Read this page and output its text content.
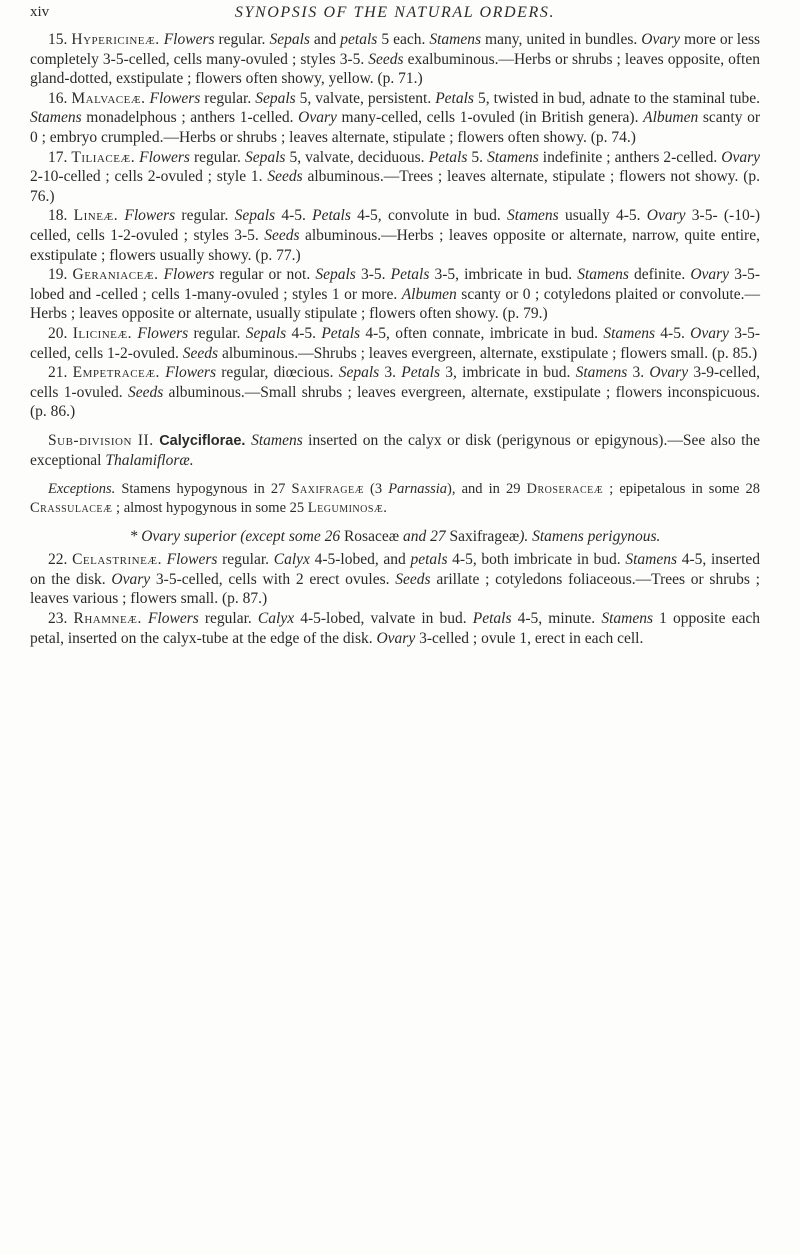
xiv	SYNOPSIS OF THE NATURAL ORDERS.

15. Hypericineæ. Flowers regular. Sepals and petals 5 each. Stamens many, united in bundles. Ovary more or less completely 3-5-celled, cells many-ovuled ; styles 3-5. Seeds exalbuminous.—Herbs or shrubs ; leaves opposite, often gland-dotted, exstipulate ; flowers often showy, yellow. (p. 71.)

16. Malvaceæ. Flowers regular. Sepals 5, valvate, persistent. Petals 5, twisted in bud, adnate to the staminal tube. Stamens monadelphous ; anthers 1-celled. Ovary many-celled, cells 1-ovuled (in British genera). Albumen scanty or 0 ; embryo crumpled.—Herbs or shrubs ; leaves alternate, stipulate ; flowers often showy. (p. 74.)

17. Tiliaceæ. Flowers regular. Sepals 5, valvate, deciduous. Petals 5. Stamens indefinite ; anthers 2-celled. Ovary 2-10-celled ; cells 2-ovuled ; style 1. Seeds albuminous.—Trees ; leaves alternate, stipulate ; flowers not showy. (p. 76.)

18. Lineæ. Flowers regular. Sepals 4-5. Petals 4-5, convolute in bud. Stamens usually 4-5. Ovary 3-5- (-10-) celled, cells 1-2-ovuled ; styles 3-5. Seeds albuminous.—Herbs ; leaves opposite or alternate, narrow, quite entire, exstipulate ; flowers usually showy. (p. 77.)

19. Geraniaceæ. Flowers regular or not. Sepals 3-5. Petals 3-5, imbricate in bud. Stamens definite. Ovary 3-5-lobed and -celled ; cells 1-many-ovuled ; styles 1 or more. Albumen scanty or 0 ; cotyledons plaited or convolute.—Herbs ; leaves opposite or alternate, usually stipulate ; flowers often showy. (p. 79.)

20. Ilicineæ. Flowers regular. Sepals 4-5. Petals 4-5, often connate, imbricate in bud. Stamens 4-5. Ovary 3-5-celled, cells 1-2-ovuled. Seeds albuminous.—Shrubs ; leaves evergreen, alternate, exstipulate ; flowers small. (p. 85.)

21. Empetraceæ. Flowers regular, diœcious. Sepals 3. Petals 3, imbricate in bud. Stamens 3. Ovary 3-9-celled, cells 1-ovuled. Seeds albuminous.—Small shrubs ; leaves evergreen, alternate, exstipulate ; flowers inconspicuous. (p. 86.)

Sub-division II. Calyciflorae. Stamens inserted on the calyx or disk (perigynous or epigynous).—See also the exceptional Thalamifloræ.

Exceptions. Stamens hypogynous in 27 Saxifrageæ (3 Parnassia), and in 29 Droseraceæ ; epipetalous in some 28 Crassulaceæ ; almost hypogynous in some 25 Leguminosæ.

* Ovary superior (except some 26 Rosaceæ and 27 Saxifrageæ). Stamens perigynous.

22. Celastrineæ. Flowers regular. Calyx 4-5-lobed, and petals 4-5, both imbricate in bud. Stamens 4-5, inserted on the disk. Ovary 3-5-celled, cells with 2 erect ovules. Seeds arillate ; cotyledons foliaceous.—Trees or shrubs ; leaves various ; flowers small. (p. 87.)

23. Rhamneæ. Flowers regular. Calyx 4-5-lobed, valvate in bud. Petals 4-5, minute. Stamens 1 opposite each petal, inserted on the calyx-tube at the edge of the disk. Ovary 3-celled ; ovule 1, erect in each cell.
